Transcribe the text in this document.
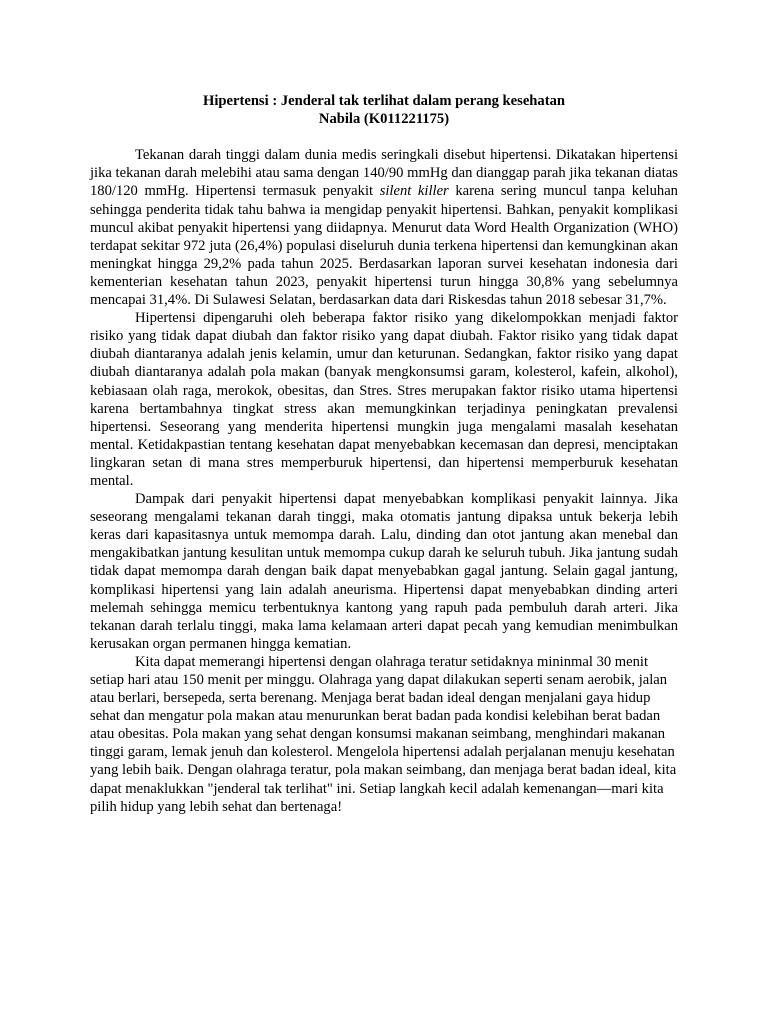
Hipertensi : Jenderal tak terlihat dalam perang kesehatan

Nabila (K011221175)

Tekanan darah tinggi dalam dunia medis seringkali disebut hipertensi. Dikatakan hipertensi jika tekanan darah melebihi atau sama dengan 140/90 mmHg dan dianggap parah jika tekanan diatas 180/120 mmHg. Hipertensi termasuk penyakit silent killer karena sering muncul tanpa keluhan sehingga penderita tidak tahu bahwa ia mengidap penyakit hipertensi. Bahkan, penyakit komplikasi muncul akibat penyakit hipertensi yang diidapnya. Menurut data Word Health Organization (WHO) terdapat sekitar 972 juta (26,4%) populasi diseluruh dunia terkena hipertensi dan kemungkinan akan meningkat hingga 29,2% pada tahun 2025. Berdasarkan laporan survei kesehatan indonesia dari kementerian kesehatan tahun 2023, penyakit hipertensi turun hingga 30,8% yang sebelumnya mencapai 31,4%. Di Sulawesi Selatan, berdasarkan data dari Riskesdas tahun 2018 sebesar 31,7%.

Hipertensi dipengaruhi oleh beberapa faktor risiko yang dikelompokkan menjadi faktor risiko yang tidak dapat diubah dan faktor risiko yang dapat diubah. Faktor risiko yang tidak dapat diubah diantaranya adalah jenis kelamin, umur dan keturunan. Sedangkan, faktor risiko yang dapat diubah diantaranya adalah pola makan (banyak mengkonsumsi garam, kolesterol, kafein, alkohol), kebiasaan olah raga, merokok, obesitas, dan Stres. Stres merupakan faktor risiko utama hipertensi karena bertambahnya tingkat stress akan memungkinkan terjadinya peningkatan prevalensi hipertensi. Seseorang yang menderita hipertensi mungkin juga mengalami masalah kesehatan mental. Ketidakpastian tentang kesehatan dapat menyebabkan kecemasan dan depresi, menciptakan lingkaran setan di mana stres memperburuk hipertensi, dan hipertensi memperburuk kesehatan mental.

Dampak dari penyakit hipertensi dapat menyebabkan komplikasi penyakit lainnya. Jika seseorang mengalami tekanan darah tinggi, maka otomatis jantung dipaksa untuk bekerja lebih keras dari kapasitasnya untuk memompa darah. Lalu, dinding dan otot jantung akan menebal dan mengakibatkan jantung kesulitan untuk memompa cukup darah ke seluruh tubuh. Jika jantung sudah tidak dapat memompa darah dengan baik dapat menyebabkan gagal jantung. Selain gagal jantung, komplikasi hipertensi yang lain adalah aneurisma. Hipertensi dapat menyebabkan dinding arteri melemah sehingga memicu terbentuknya kantong yang rapuh pada pembuluh darah arteri. Jika tekanan darah terlalu tinggi, maka lama kelamaan arteri dapat pecah yang kemudian menimbulkan kerusakan organ permanen hingga kematian.

Kita dapat memerangi hipertensi dengan olahraga teratur setidaknya mininmal 30 menit setiap hari atau 150 menit per minggu. Olahraga yang dapat dilakukan seperti senam aerobik, jalan atau berlari, bersepeda, serta berenang. Menjaga berat badan ideal dengan menjalani gaya hidup sehat dan mengatur pola makan atau menurunkan berat badan pada kondisi kelebihan berat badan atau obesitas. Pola makan yang sehat dengan konsumsi makanan seimbang, menghindari makanan tinggi garam, lemak jenuh dan kolesterol. Mengelola hipertensi adalah perjalanan menuju kesehatan yang lebih baik. Dengan olahraga teratur, pola makan seimbang, dan menjaga berat badan ideal, kita dapat menaklukkan "jenderal tak terlihat" ini. Setiap langkah kecil adalah kemenangan—mari kita pilih hidup yang lebih sehat dan bertenaga!
